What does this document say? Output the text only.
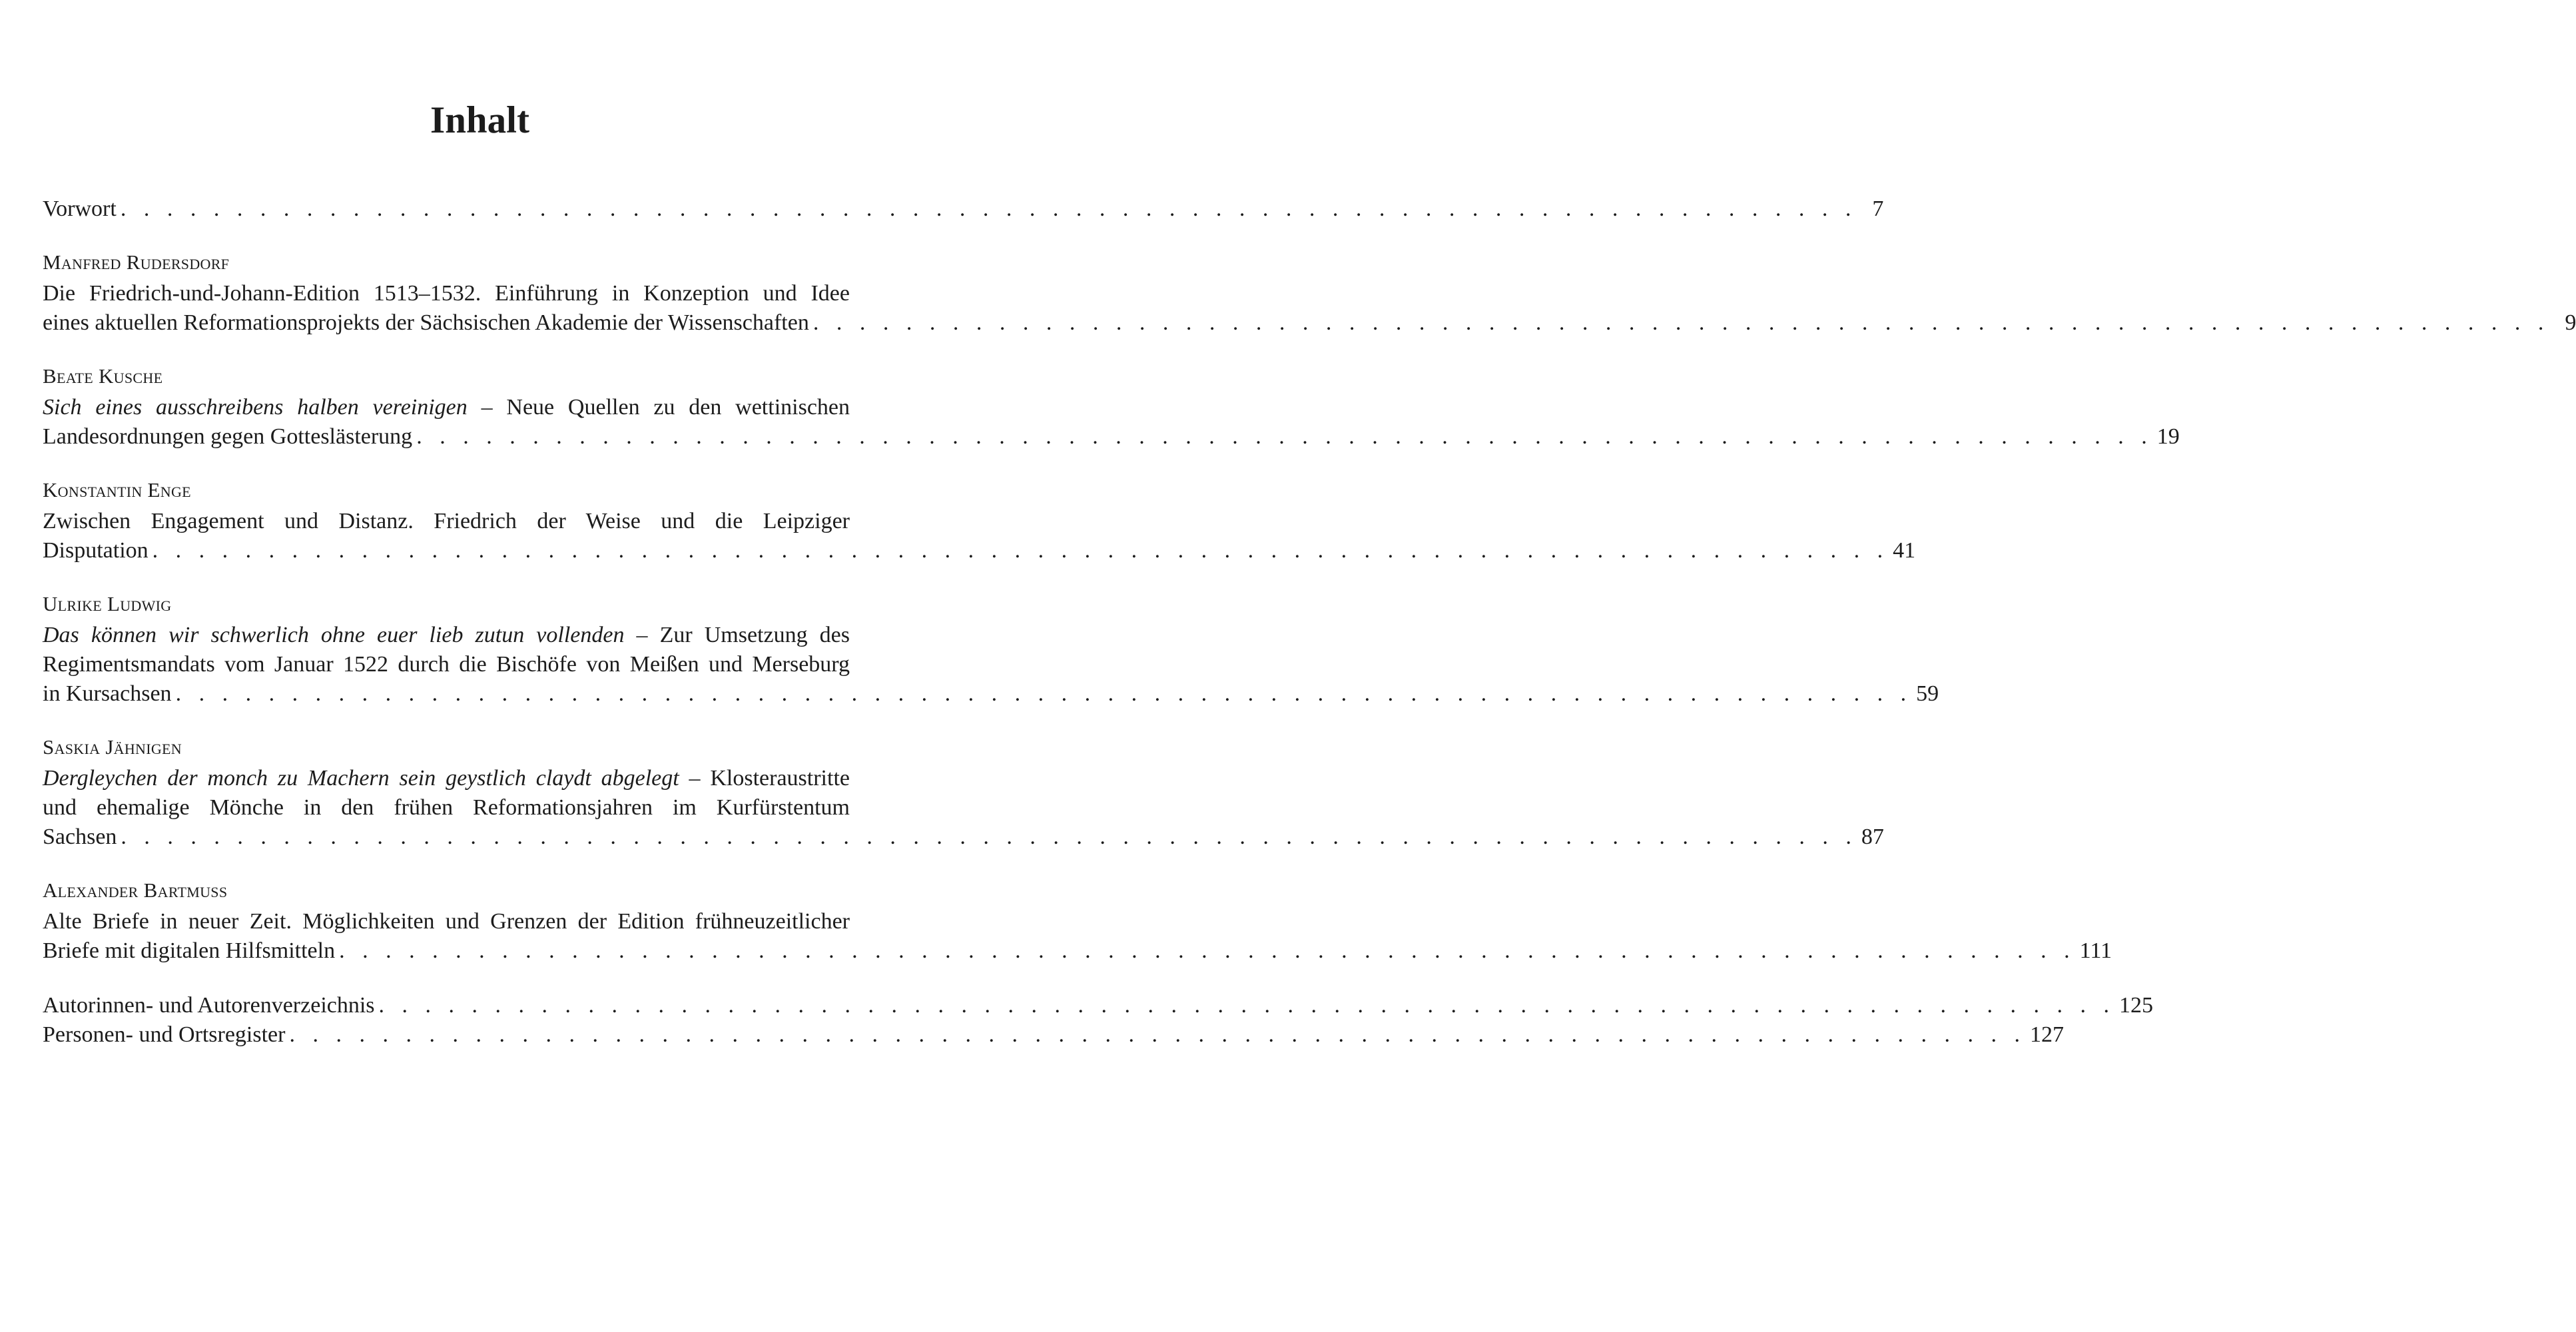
Inhalt
Vorwort . . . . . . . . . . . . . . . . . . . . . . . . . . . . . . . . . . . . . . . . . . . . . . . . . . . . . . . . . . . . . . . . . . . . . . . . . . . 7
Manfred Rudersdorf
Die Friedrich-und-Johann-Edition 1513–1532. Einführung in Konzeption und Idee
eines aktuellen Reformationsprojekts der Sächsischen Akademie der Wissenschaften . . . . . . . . . . . . . . . . . . . . . . . . . . . . . . . . . . . . . . . . . . . . . . . . . . . . . . . . . . . . . . . . . . . . . . . . . . . 9
Beate Kusche
Sich eines ausschreibens halben vereinigen – Neue Quellen zu den wettinischen
Landesordnungen gegen Gotteslästerung . . . . . . . . . . . . . . . . . . . . . . . . . . . . . . . . . . . . . . . . . . . . . . . . . . . . . . . . . . . . . . . . . . . . . . . . . . . 19
Konstantin Enge
Zwischen Engagement und Distanz. Friedrich der Weise und die Leipziger
Disputation . . . . . . . . . . . . . . . . . . . . . . . . . . . . . . . . . . . . . . . . . . . . . . . . . . . . . . . . . . . . . . . . . . . . . . . . . . . 41
Ulrike Ludwig
Das können wir schwerlich ohne euer lieb zutun vollenden – Zur Umsetzung des
Regimentsmandats vom Januar 1522 durch die Bischöfe von Meißen und Merseburg
in Kursachsen . . . . . . . . . . . . . . . . . . . . . . . . . . . . . . . . . . . . . . . . . . . . . . . . . . . . . . . . . . . . . . . . . . . . . . . . . . . 59
Saskia Jähnigen
Dergleychen der monch zu Machern sein geystlich claydt abgelegt – Klosteraustritte
und ehemalige Mönche in den frühen Reformationsjahren im Kurfürstentum
Sachsen . . . . . . . . . . . . . . . . . . . . . . . . . . . . . . . . . . . . . . . . . . . . . . . . . . . . . . . . . . . . . . . . . . . . . . . . . . . 87
Alexander Bartmuss
Alte Briefe in neuer Zeit. Möglichkeiten und Grenzen der Edition frühneuzeitlicher
Briefe mit digitalen Hilfsmitteln . . . . . . . . . . . . . . . . . . . . . . . . . . . . . . . . . . . . . . . . . . . . . . . . . . . . . . . . . . . . . . . . . . . . . . . . . . . 111
Autorinnen- und Autorenverzeichnis . . . . . . . . . . . . . . . . . . . . . . . . . . . . . . . . . . . . . . . . . . . . . . . . . . . . . . . . . . . . . . . . . . . . . . . . . . . 125
Personen- und Ortsregister . . . . . . . . . . . . . . . . . . . . . . . . . . . . . . . . . . . . . . . . . . . . . . . . . . . . . . . . . . . . . . . . . . . . . . . . . . . 127
